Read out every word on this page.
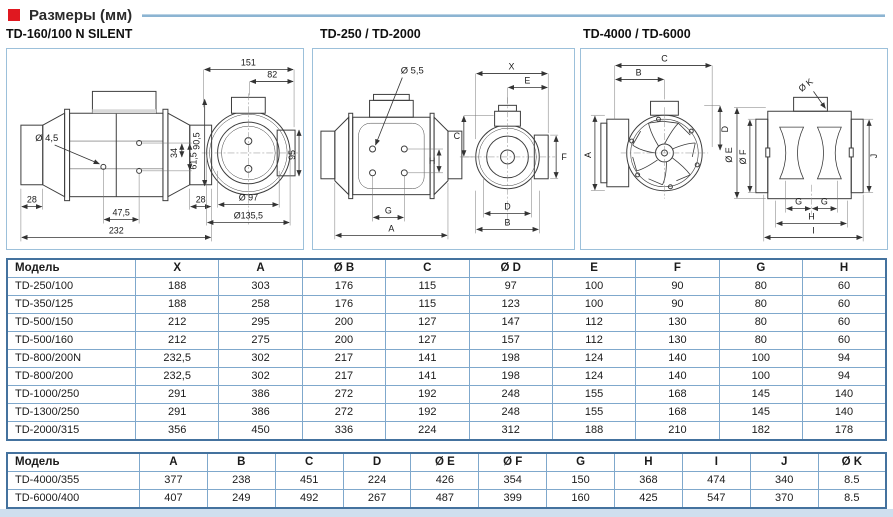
Размеры (мм)
TD-160/100 N SILENT	TD-250 / TD-2000	TD-4000 / TD-6000
Ø 4,5
28
47,5
28
232
34 61,5
151
82
90,5
95
Ø 97
Ø135,5
Ø 5,5
H
G
A
X
E
C
F
D
B
C
B
A
D
Ø K
Ø E Ø F	J
G G
H
I
Модель	X	A	Ø B	C	Ø D	E	F	G	H
TD-250/100	188	303	176	115	97	100	90	80	60
TD-350/125	188	258	176	115	123	100	90	80	60
TD-500/150	212	295	200	127	147	112	130	80	60
TD-500/160	212	275	200	127	157	112	130	80	60
TD-800/200N	232,5	302	217	141	198	124	140	100	94
TD-800/200	232,5	302	217	141	198	124	140	100	94
TD-1000/250	291	386	272	192	248	155	168	145	140
TD-1300/250	291	386	272	192	248	155	168	145	140
TD-2000/315	356	450	336	224	312	188	210	182	178
Модель	A	B	C	D	Ø E	Ø F	G	H	I	J	Ø K
TD-4000/355	377	238	451	224	426	354	150	368	474	340	8.5
TD-6000/400	407	249	492	267	487	399	160	425	547	370	8.5
